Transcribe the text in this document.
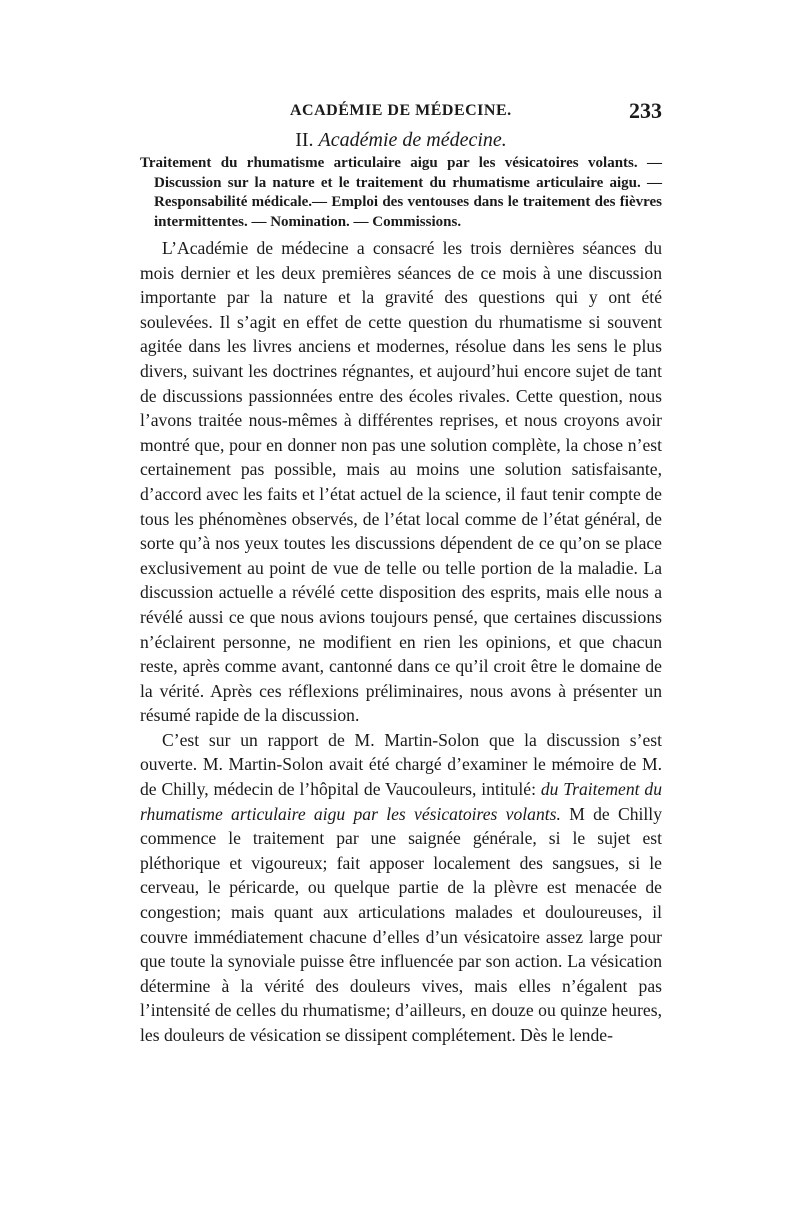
ACADÉMIE DE MÉDECINE.	233
II. Académie de médecine.
Traitement du rhumatisme articulaire aigu par les vésicatoires volants. — Discussion sur la nature et le traitement du rhumatisme articulaire aigu. —Responsabilité médicale.— Emploi des ventouses dans le traitement des fièvres intermittentes. — Nomination. — Commissions.

L’Académie de médecine a consacré les trois dernières séances du mois dernier et les deux premières séances de ce mois à une discussion importante par la nature et la gravité des questions qui y ont été soulevées. Il s’agit en effet de cette question du rhumatisme si souvent agitée dans les livres anciens et modernes, résolue dans les sens le plus divers, suivant les doctrines régnantes, et aujourd’hui encore sujet de tant de discussions passionnées entre des écoles rivales. Cette question, nous l’avons traitée nous-mêmes à différentes reprises, et nous croyons avoir montré que, pour en donner non pas une solution complète, la chose n’est certainement pas possible, mais au moins une solution satisfaisante, d’accord avec les faits et l’état actuel de la science, il faut tenir compte de tous les phénomènes observés, de l’état local comme de l’état général, de sorte qu’à nos yeux toutes les discussions dépendent de ce qu’on se place exclusivement au point de vue de telle ou telle portion de la maladie. La discussion actuelle a révélé cette disposition des esprits, mais elle nous a révélé aussi ce que nous avions toujours pensé, que certaines discussions n’éclairent personne, ne modifient en rien les opinions, et que chacun reste, après comme avant, cantonné dans ce qu’il croit être le domaine de la vérité. Après ces réflexions préliminaires, nous avons à présenter un résumé rapide de la discussion.

C’est sur un rapport de M. Martin-Solon que la discussion s’est ouverte. M. Martin-Solon avait été chargé d’examiner le mémoire de M. de Chilly, médecin de l’hôpital de Vaucouleurs, intitulé: du Traitement du rhumatisme articulaire aigu par les vésicatoires volants. M de Chilly commence le traitement par une saignée générale, si le sujet est pléthorique et vigoureux; fait apposer localement des sangsues, si le cerveau, le péricarde, ou quelque partie de la plèvre est menacée de congestion; mais quant aux articulations malades et douloureuses, il couvre immédiatement chacune d’elles d’un vésicatoire assez large pour que toute la synoviale puisse être influencée par son action. La vésication détermine à la vérité des douleurs vives, mais elles n’égalent pas l’intensité de celles du rhumatisme; d’ailleurs, en douze ou quinze heures, les douleurs de vésication se dissipent complétement. Dès le lende-
